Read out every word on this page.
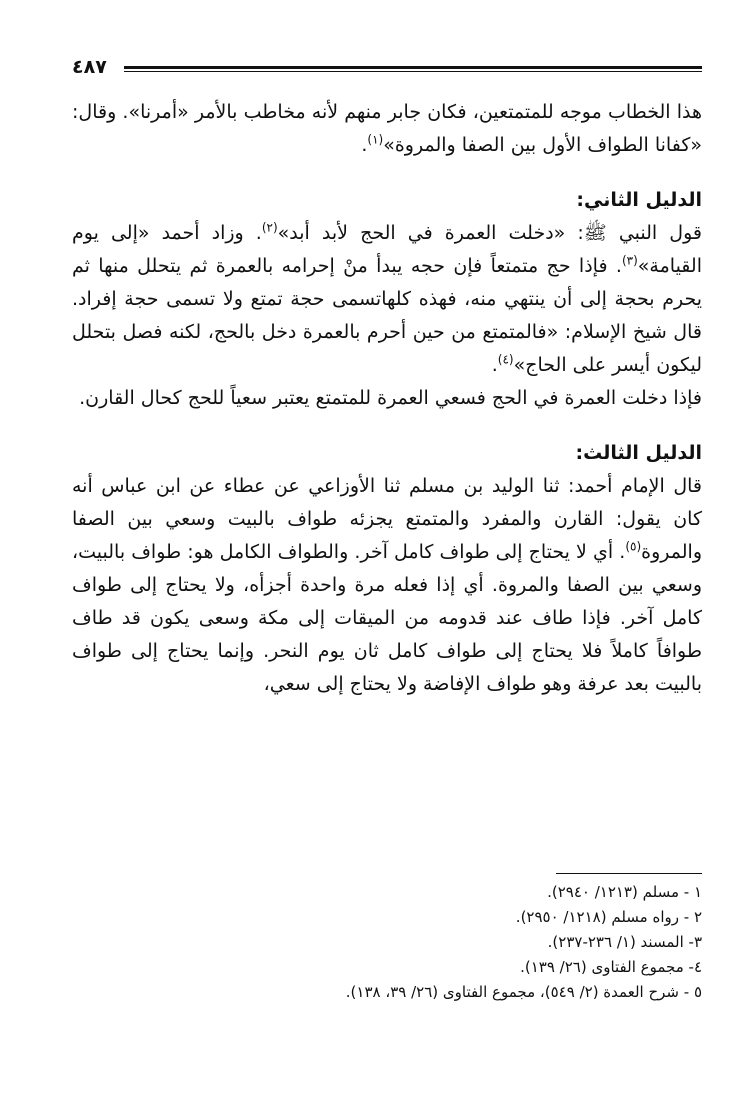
٤٨٧

هذا الخطاب موجه للمتمتعين، فكان جابر منهم لأنه مخاطب بالأمر «أمرنا». وقال: «كفانا الطواف الأول بين الصفا والمروة»$^{(١)}$.

الدليل الثاني:

قول النبي ﷺ: «دخلت العمرة في الحج لأبد أبد»$^{(٢)}$. وزاد أحمد «إلى يوم القيامة»$^{(٣)}$. فإذا حج متمتعاً فإن حجه يبدأ منْ إحرامه بالعمرة ثم يتحلل منها ثم يحرم بحجة إلى أن ينتهي منه، فهذه كلهاتسمى حجة تمتع ولا تسمى حجة إفراد. قال شيخ الإسلام: «فالمتمتع من حين أحرم بالعمرة دخل بالحج، لكنه فصل بتحلل ليكون أيسر على الحاج»$^{(٤)}$.

فإذا دخلت العمرة في الحج فسعي العمرة للمتمتع يعتبر سعياً للحج كحال القارن.

الدليل الثالث:

قال الإمام أحمد: ثنا الوليد بن مسلم ثنا الأوزاعي عن عطاء عن ابن عباس أنه كان يقول: القارن والمفرد والمتمتع يجزئه طواف بالبيت وسعي بين الصفا والمروة$^{(٥)}$. أي لا يحتاج إلى طواف كامل آخر. والطواف الكامل هو: طواف بالبيت، وسعي بين الصفا والمروة. أي إذا فعله مرة واحدة أجزأه، ولا يحتاج إلى طواف كامل آخر. فإذا طاف عند قدومه من الميقات إلى مكة وسعى يكون قد طاف طوافاً كاملاً فلا يحتاج إلى طواف كامل ثان يوم النحر. وإنما يحتاج إلى طواف بالبيت بعد عرفة وهو طواف الإفاضة ولا يحتاج إلى سعي،

١ - مسلم (١٢١٣/ ٢٩٤٠).
٢ - رواه مسلم (١٢١٨/ ٢٩٥٠).
٣- المسند (١/ ٢٣٦-٢٣٧).
٤- مجموع الفتاوى (٢٦/ ١٣٩).
٥ - شرح العمدة (٢/ ٥٤٩)، مجموع الفتاوى (٢٦/ ٣٩، ١٣٨).
